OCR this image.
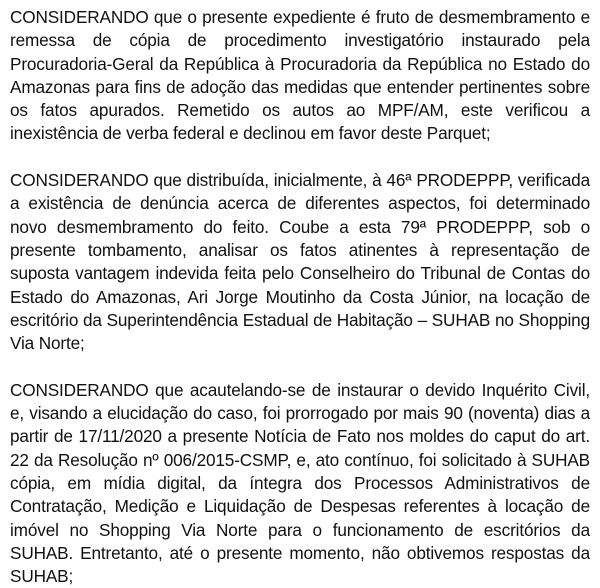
CONSIDERANDO que o presente expediente é fruto de desmembramento e remessa de cópia de procedimento investigatório instaurado pela Procuradoria-Geral da República à Procuradoria da República no Estado do Amazonas para fins de adoção das medidas que entender pertinentes sobre os fatos apurados. Remetido os autos ao MPF/AM, este verificou a inexistência de verba federal e declinou em favor deste Parquet;

CONSIDERANDO que distribuída, inicialmente, à 46ª PRODEPPP, verificada a existência de denúncia acerca de diferentes aspectos, foi determinado novo desmembramento do feito. Coube a esta 79ª PRODEPPP, sob o presente tombamento, analisar os fatos atinentes à representação de suposta vantagem indevida feita pelo Conselheiro do Tribunal de Contas do Estado do Amazonas, Ari Jorge Moutinho da Costa Júnior, na locação de escritório da Superintendência Estadual de Habitação – SUHAB no Shopping Via Norte;

CONSIDERANDO que acautelando-se de instaurar o devido Inquérito Civil, e, visando a elucidação do caso, foi prorrogado por mais 90 (noventa) dias a partir de 17/11/2020 a presente Notícia de Fato nos moldes do caput do art. 22 da Resolução nº 006/2015-CSMP, e, ato contínuo, foi solicitado à SUHAB cópia, em mídia digital, da íntegra dos Processos Administrativos de Contratação, Medição e Liquidação de Despesas referentes à locação de imóvel no Shopping Via Norte para o funcionamento de escritórios da SUHAB. Entretanto, até o presente momento, não obtivemos respostas da SUHAB;
